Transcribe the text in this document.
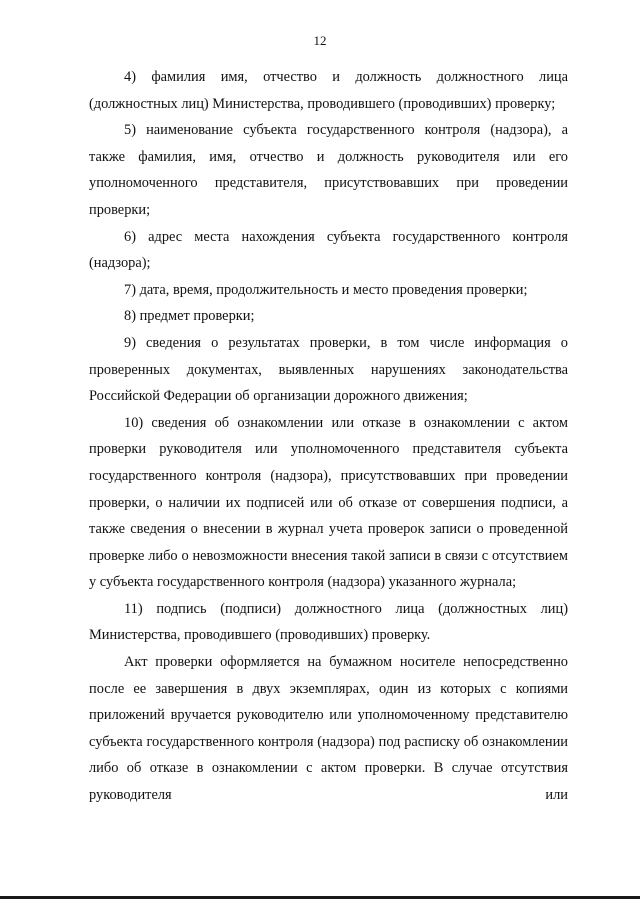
12

4) фамилия имя, отчество и должность должностного лица (должностных лиц) Министерства, проводившего (проводивших) проверку;

5) наименование субъекта государственного контроля (надзора), а также фамилия, имя, отчество и должность руководителя или его уполномоченного представителя, присутствовавших при проведении проверки;

6) адрес места нахождения субъекта государственного контроля (надзора);

7) дата, время, продолжительность и место проведения проверки;

8) предмет проверки;

9) сведения о результатах проверки, в том числе информация о проверенных документах, выявленных нарушениях законодательства Российской Федерации об организации дорожного движения;

10) сведения об ознакомлении или отказе в ознакомлении с актом проверки руководителя или уполномоченного представителя субъекта государственного контроля (надзора), присутствовавших при проведении проверки, о наличии их подписей или об отказе от совершения подписи, а также сведения о внесении в журнал учета проверок записи о проведенной проверке либо о невозможности внесения такой записи в связи с отсутствием у субъекта государственного контроля (надзора) указанного журнала;

11) подпись (подписи) должностного лица (должностных лиц) Министерства, проводившего (проводивших) проверку.

Акт проверки оформляется на бумажном носителе непосредственно после ее завершения в двух экземплярах, один из которых с копиями приложений вручается руководителю или уполномоченному представителю субъекта государственного контроля (надзора) под расписку об ознакомлении либо об отказе в ознакомлении с актом проверки. В случае отсутствия руководителя или
